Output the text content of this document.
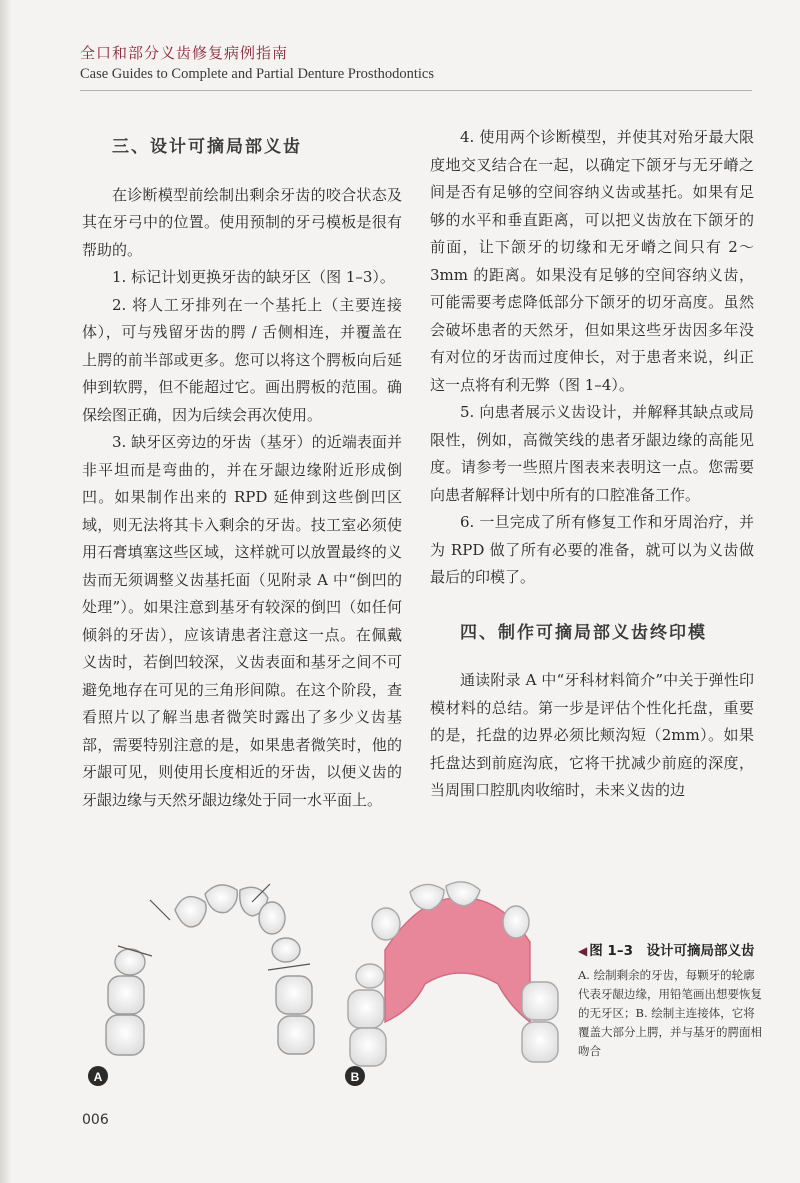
全口和部分义齿修复病例指南
Case Guides to Complete and Partial Denture Prosthodontics

三、设计可摘局部义齿

在诊断模型前绘制出剩余牙齿的咬合状态及其在牙弓中的位置。使用预制的牙弓模板是很有帮助的。

1. 标记计划更换牙齿的缺牙区（图 1–3）。

2. 将人工牙排列在一个基托上（主要连接体），可与残留牙齿的腭 / 舌侧相连，并覆盖在上腭的前半部或更多。您可以将这个腭板向后延伸到软腭，但不能超过它。画出腭板的范围。确保绘图正确，因为后续会再次使用。

3. 缺牙区旁边的牙齿（基牙）的近端表面并非平坦而是弯曲的，并在牙龈边缘附近形成倒凹。如果制作出来的 RPD 延伸到这些倒凹区域，则无法将其卡入剩余的牙齿。技工室必须使用石膏填塞这些区域，这样就可以放置最终的义齿而无须调整义齿基托面（见附录 A 中“倒凹的处理”）。如果注意到基牙有较深的倒凹（如任何倾斜的牙齿），应该请患者注意这一点。在佩戴义齿时，若倒凹较深，义齿表面和基牙之间不可避免地存在可见的三角形间隙。在这个阶段，查看照片以了解当患者微笑时露出了多少义齿基部，需要特别注意的是，如果患者微笑时，他的牙龈可见，则使用长度相近的牙齿，以便义齿的牙龈边缘与天然牙龈边缘处于同一水平面上。

4. 使用两个诊断模型，并使其对殆牙最大限度地交叉结合在一起，以确定下颌牙与无牙嵴之间是否有足够的空间容纳义齿或基托。如果有足够的水平和垂直距离，可以把义齿放在下颌牙的前面，让下颌牙的切缘和无牙嵴之间只有 2～3mm 的距离。如果没有足够的空间容纳义齿，可能需要考虑降低部分下颌牙的切牙高度。虽然会破坏患者的天然牙，但如果这些牙齿因多年没有对位的牙齿而过度伸长，对于患者来说，纠正这一点将有利无弊（图 1–4）。

5. 向患者展示义齿设计，并解释其缺点或局限性，例如，高微笑线的患者牙龈边缘的高能见度。请参考一些照片图表来表明这一点。您需要向患者解释计划中所有的口腔准备工作。

6. 一旦完成了所有修复工作和牙周治疗，并为 RPD 做了所有必要的准备，就可以为义齿做最后的印模了。

四、制作可摘局部义齿终印模

通读附录 A 中“牙科材料简介”中关于弹性印模材料的总结。第一步是评估个性化托盘，重要的是，托盘的边界必须比颊沟短（2mm）。如果托盘达到前庭沟底，它将干扰减少前庭的深度，当周围口腔肌肉收缩时，未来义齿的边

A	B
◀ 图 1–3　设计可摘局部义齿
A. 绘制剩余的牙齿，每颗牙的轮廓代表牙龈边缘，用铅笔画出想要恢复的无牙区；B. 绘制主连接体，它将覆盖大部分上腭，并与基牙的腭面相吻合
006
